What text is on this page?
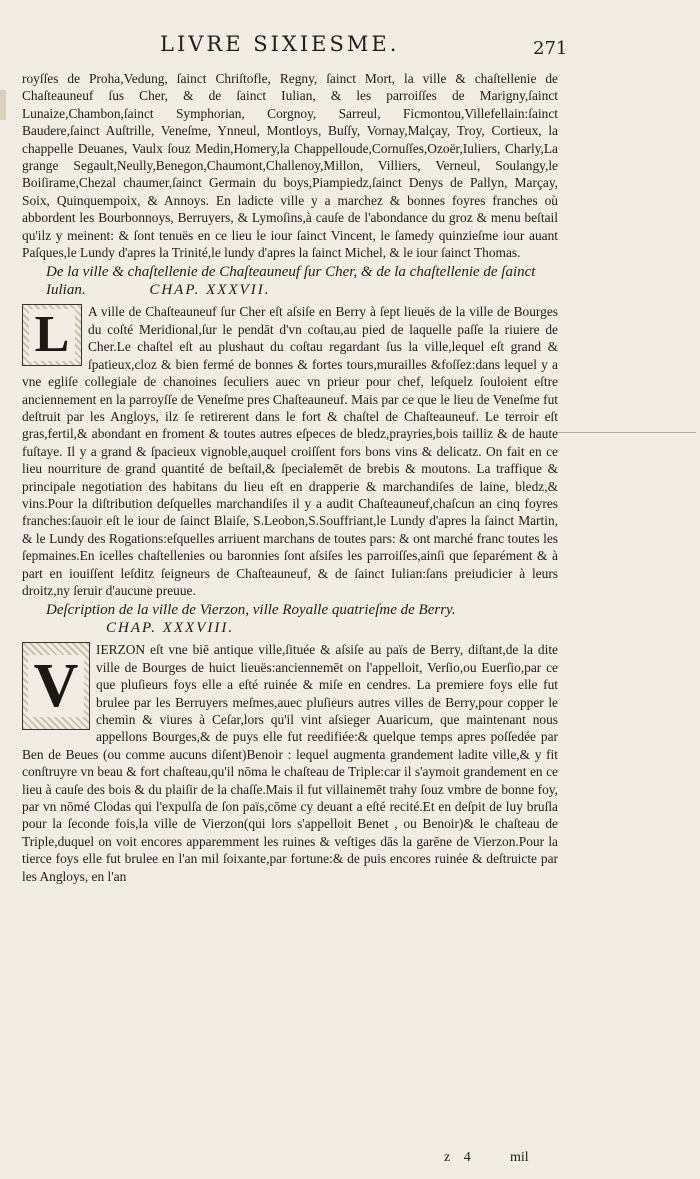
LIVRE SIXIESME.	271

royſſes de Proha,Vedung, ſainct Chriſtofle, Regny, ſainct Mort, la ville & chaſtellenie de Chaſteauneuf ſus Cher, & de ſainct Iulian, & les parroiſſes de Marigny,ſainct Lunaize,Chambon,ſainct Symphorian, Corgnoy, Sarreul, Ficmontou,Villefellain:ſainct Baudere,ſainct Auſtrille, Veneſme, Ynneul, Montloys, Buſſy, Vornay,Malçay, Troy, Cortieux, la chappelle Deuanes, Vaulx ſouz Medin,Homery,la Chappelloude,Cornuſſes,Ozoër,Iuliers, Charly,La grange Segault,Neully,Benegon,Chaumont,Challenoy,Millon, Villiers, Verneul, Soulangy,le Boiſirame,Chezal chaumer,ſainct Germain du boys,Piampiedz,ſainct Denys de Pallyn, Marçay, Soix, Quinquempoix, & Annoys. En ladicte ville y a marchez & bonnes foyres franches où abbordent les Bourbonnoys, Berruyers, & Lymoſins,à cauſe de l'abondance du groz & menu beſtail qu'ilz y meinent: & ſont tenuës en ce lieu le iour ſainct Vincent, le ſamedy quinzieſme iour auant Paſques,le Lundy d'apres la Trinité,le lundy d'apres la ſainct Michel, & le iour ſainct Thomas.

De la ville & chaſtellenie de Chaſteauneuf ſur Cher, & de la chaſtellenie de ſainct Iulian.	CHAP. XXXVII.
L	A ville de Chaſteauneuf ſur Cher eſt aſsiſe en Berry à ſept lieuës de la ville de Bourges du coſté Meridional,ſur le pendāt d'vn coſtau,au pied de laquelle paſſe la riuiere de Cher.Le chaſtel eſt au plushaut du coſtau regardant ſus la ville,lequel eſt grand & ſpatieux,cloz & bien fermé de bonnes & fortes tours,murailles &foſſez:dans lequel y a vne egliſe collegiale de chanoines ſeculiers auec vn prieur pour chef, leſquelz ſouloient eſtre anciennement en la parroyſſe de Veneſme pres Chaſteauneuf. Mais par ce que le lieu de Veneſme fut deſtruit par les Angloys, ilz ſe retirerent dans le fort & chaſtel de Chaſteauneuf. Le terroir eſt gras,fertil,& abondant en froment & toutes autres eſpeces de bledz,prayries,bois tailliz & de haute fuſtaye. Il y a grand & ſpacieux vignoble,auquel croiſſent fors bons vins & delicatz. On fait en ce lieu nourriture de grand quantité de beſtail,& ſpecialemēt de brebis & moutons. La traffique & principale negotiation des habitans du lieu eſt en drapperie & marchandiſes de laine, bledz,& vins.Pour la diſtribution deſquelles marchandiſes il y a audit Chaſteauneuf,chaſcun an cinq foyres franches:ſauoir eſt le iour de ſainct Blaiſe, S.Leobon,S.Souffriant,le Lundy d'apres la ſainct Martin, & le Lundy des Rogations:eſquelles arriuent marchans de toutes pars: & ont marché franc toutes les ſepmaines.En icelles chaſtellenies ou baronnies ſont aſsiſes les parroiſſes,ainſi que ſeparément & à part en iouiſſent leſditz ſeigneurs de Chaſteauneuf, & de ſainct Iulian:ſans preiudicier à leurs droitz,ny ſeruir d'aucune preuue.

Deſcription de la ville de Vierzon, ville Royalle quatrieſme de Berry. CHAP. XXXVIII.
V

IERZON eſt vne biē antique ville,ſituée & aſsiſe au païs de Berry, diſtant,de la dite ville de Bourges de huict lieuës:anciennemēt on l'appelloit, Verſio,ou Euerſio,par ce que pluſieurs foys elle a eſté ruinée & miſe en cendres. La premiere foys elle fut brulee par les Berruyers meſmes,auec pluſieurs autres villes de Berry,pour copper le chemin & viures à Ceſar,lors qu'il vint aſsieger Auaricum, que maintenant nous appellons Bourges,& de puys elle fut reedifiée:& quelque temps apres poſſedée par Ben de Beues (ou comme aucuns diſent)Benoir : lequel augmenta grandement ladite ville,& y fit conſtruyre vn beau & fort chaſteau,qu'il nōma le chaſteau de Triple:car il s'aymoit grandement en ce lieu à cauſe des bois & du plaiſir de la chaſſe.Mais il fut villainemēt trahy ſouz vmbre de bonne foy, par vn nōmé Clodas qui l'expulſa de ſon païs,cōme cy deuant a eſté recité.Et en deſpit de luy bruſla pour la ſeconde fois,la ville de Vierzon(qui lors s'appelloit Benet , ou Benoir)& le chaſteau de Triple,duquel on voit encores apparemment les ruines & veſtiges dās la garēne de Vierzon.Pour la tierce foys elle fut brulee en l'an mil ſoixante,par fortune:& de puis encores ruinée & deſtruicte par les Angloys, en l'an

z 4 mil
